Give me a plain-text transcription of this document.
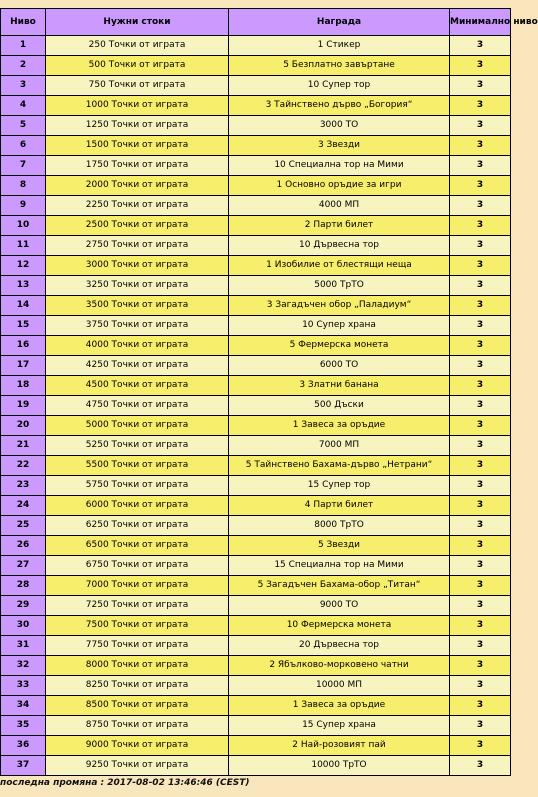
Ниво	Нужни стоки	Награда	Минимално ниво
1	250 Точки от играта	1 Стикер	3
2	500 Точки от играта	5 Безплатно завъртане	3
3	750 Точки от играта	10 Супер тор	3
4	1000 Точки от играта	3 Тайнствено дърво „Богория“	3
5	1250 Точки от играта	3000 ТО	3
6	1500 Точки от играта	3 Звезди	3
7	1750 Точки от играта	10 Специална тор на Мими	3
8	2000 Точки от играта	1 Основно оръдие за игри	3
9	2250 Точки от играта	4000 МП	3
10	2500 Точки от играта	2 Парти билет	3
11	2750 Точки от играта	10 Дървесна тор	3
12	3000 Точки от играта	1 Изобилие от блестящи неща	3
13	3250 Точки от играта	5000 ТрТО	3
14	3500 Точки от играта	3 Загадъчен обор „Паладиум“	3
15	3750 Точки от играта	10 Супер храна	3
16	4000 Точки от играта	5 Фермерска монета	3
17	4250 Точки от играта	6000 ТО	3
18	4500 Точки от играта	3 Златни банана	3
19	4750 Точки от играта	500 Дъски	3
20	5000 Точки от играта	1 Завеса за оръдие	3
21	5250 Точки от играта	7000 МП	3
22	5500 Точки от играта	5 Тайнствено Бахама-дърво „Нетрани“	3
23	5750 Точки от играта	15 Супер тор	3
24	6000 Точки от играта	4 Парти билет	3
25	6250 Точки от играта	8000 ТрТО	3
26	6500 Точки от играта	5 Звезди	3
27	6750 Точки от играта	15 Специална тор на Мими	3
28	7000 Точки от играта	5 Загадъчен Бахама-обор „Титан“	3
29	7250 Точки от играта	9000 ТО	3
30	7500 Точки от играта	10 Фермерска монета	3
31	7750 Точки от играта	20 Дървесна тор	3
32	8000 Точки от играта	2 Ябълково-морковено чатни	3
33	8250 Точки от играта	10000 МП	3
34	8500 Точки от играта	1 Завеса за оръдие	3
35	8750 Точки от играта	15 Супер храна	3
36	9000 Точки от играта	2 Най-розовият пай	3
37	9250 Точки от играта	10000 ТрТО	3
последна промяна : 2017-08-02 13:46:46 (CEST)
